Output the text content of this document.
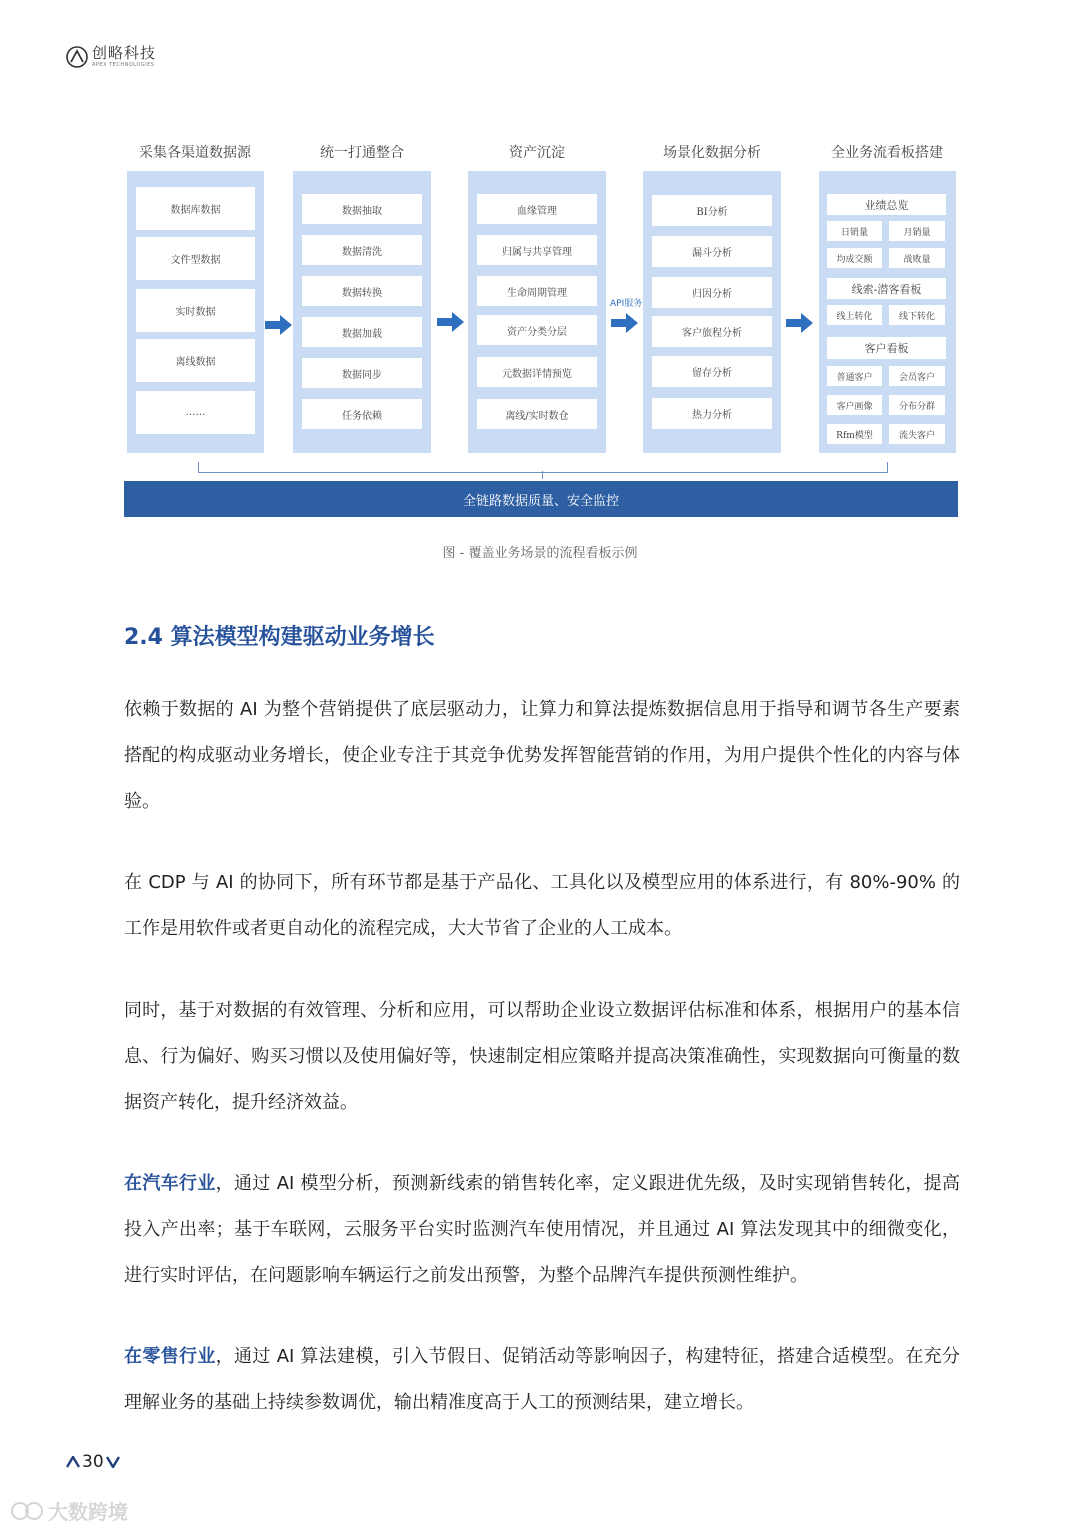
创略科技
APEX TECHNOLOGIES
采集各渠道数据源	统一打通整合	资产沉淀	场景化数据分析	全业务流看板搭建
数据库数据
文件型数据
实时数据
离线数据
……
数据抽取
数据清洗
数据转换
数据加载
数据同步
任务依赖
血缘管理
归属与共享管理
生命周期管理
资产分类分层
元数据详情预览
离线/实时数仓
BI分析
漏斗分析
归因分析
客户旅程分析
留存分析
热力分析
业绩总览
日销量	月销量
均成交额	战败量
线索-潜客看板
线上转化	线下转化
客户看板
普通客户	会员客户
客户画像	分布分群
Rfm模型	流失客户
API服务
全链路数据质量、安全监控
图 - 覆盖业务场景的流程看板示例
2.4 算法模型构建驱动业务增长
依赖于数据的 AI 为整个营销提供了底层驱动力，让算力和算法提炼数据信息用于指导和调节各生产要素搭配的构成驱动业务增长，使企业专注于其竞争优势发挥智能营销的作用，为用户提供个性化的内容与体验。
在 CDP 与 AI 的协同下，所有环节都是基于产品化、工具化以及模型应用的体系进行，有 80%-90% 的工作是用软件或者更自动化的流程完成，大大节省了企业的人工成本。
同时，基于对数据的有效管理、分析和应用，可以帮助企业设立数据评估标准和体系，根据用户的基本信息、行为偏好、购买习惯以及使用偏好等，快速制定相应策略并提高决策准确性，实现数据向可衡量的数据资产转化，提升经济效益。
在汽车行业，通过 AI 模型分析，预测新线索的销售转化率，定义跟进优先级，及时实现销售转化，提高投入产出率；基于车联网，云服务平台实时监测汽车使用情况，并且通过 AI 算法发现其中的细微变化，进行实时评估，在问题影响车辆运行之前发出预警，为整个品牌汽车提供预测性维护。
在零售行业，通过 AI 算法建模，引入节假日、促销活动等影响因子，构建特征，搭建合适模型。在充分理解业务的基础上持续参数调优，输出精准度高于人工的预测结果，建立增长。
30
大数跨境
